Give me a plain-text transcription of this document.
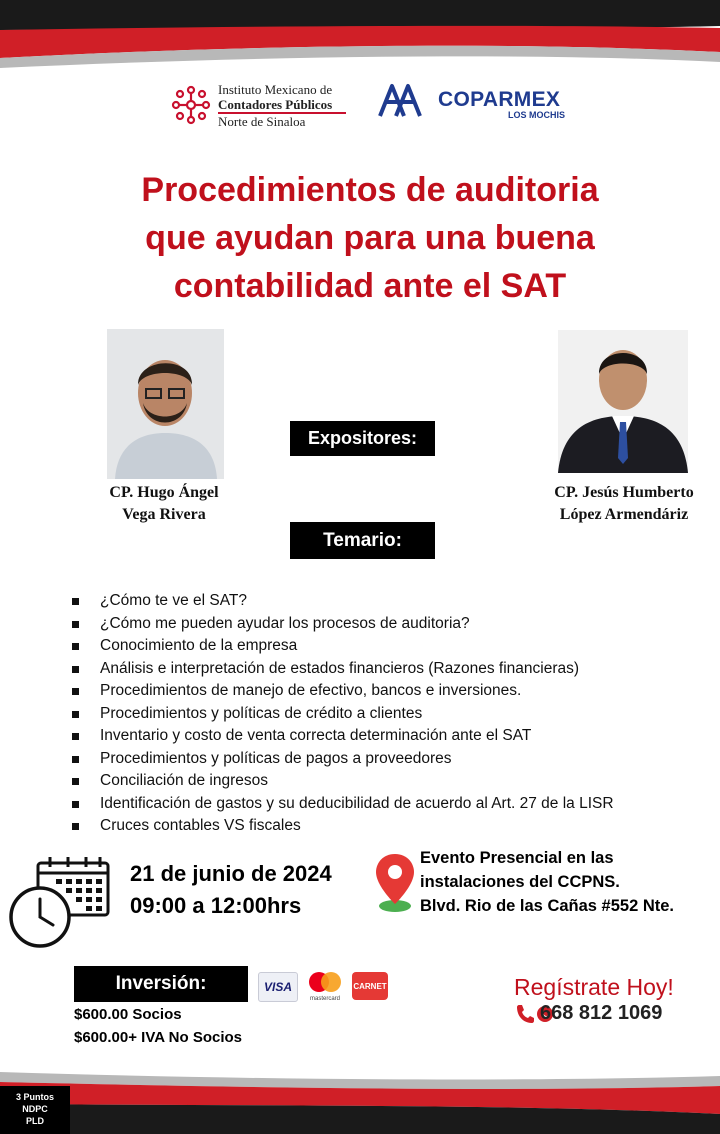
Instituto Mexicano de
Contadores Públicos
Norte de Sinaloa
COPARMEX
LOS MOCHIS
Procedimientos de auditoria
que ayudan para una buena
contabilidad ante el SAT
CP. Hugo Ángel
Vega Rivera
CP. Jesús Humberto
López Armendáriz
Expositores:
Temario:
¿Cómo te ve el SAT?
¿Cómo me pueden ayudar los procesos de auditoria?
Conocimiento de la empresa
Análisis e interpretación de estados financieros (Razones financieras)
Procedimientos de manejo de efectivo, bancos e inversiones.
Procedimientos y políticas de crédito a clientes
Inventario y costo de venta correcta determinación ante el SAT
Procedimientos y políticas de pagos a proveedores
Conciliación de ingresos
Identificación de gastos y su deducibilidad de acuerdo al Art. 27 de la LISR
Cruces contables VS fiscales
21 de junio de 2024
09:00 a 12:00hrs
Evento Presencial en las
instalaciones del CCPNS.
Blvd. Rio de las Cañas #552 Nte.
Inversión:
$600.00 Socios
$600.00+ IVA No Socios
VISA
mastercard
CARNET	Regístrate Hoy!
668 812 1069
3 Puntos
NDPC
PLD
